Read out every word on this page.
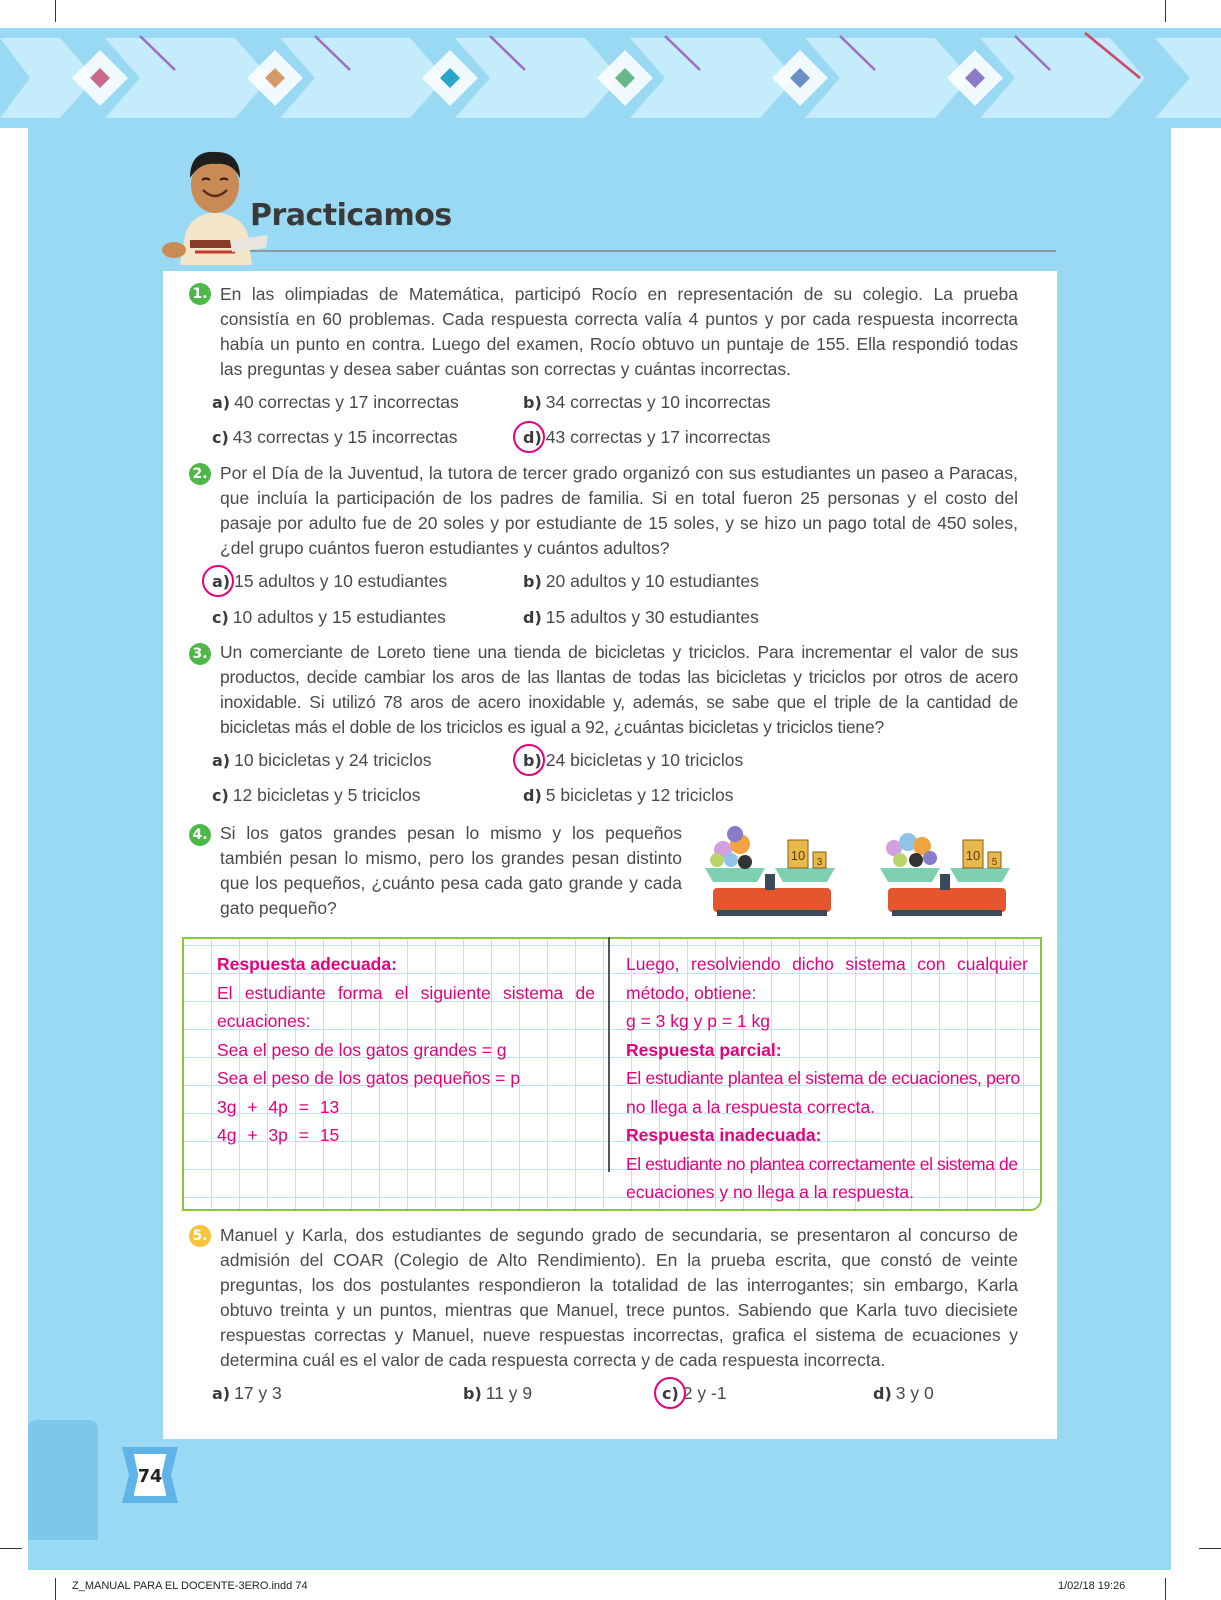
Practicamos
1. En las olimpiadas de Matemática, participó Rocío en representación de su colegio. La prueba consistía en 60 problemas. Cada respuesta correcta valía 4 puntos y por cada respuesta incorrecta había un punto en contra. Luego del examen, Rocío obtuvo un puntaje de 155. Ella respondió todas las preguntas y desea saber cuántas son correctas y cuántas incorrectas.
a) 40 correctas y 17 incorrectas	b) 34 correctas y 10 incorrectas
c) 43 correctas y 15 incorrectas	d) 43 correctas y 17 incorrectas
2. Por el Día de la Juventud, la tutora de tercer grado organizó con sus estudiantes un paseo a Paracas, que incluía la participación de los padres de familia. Si en total fueron 25 personas y el costo del pasaje por adulto fue de 20 soles y por estudiante de 15 soles, y se hizo un pago total de 450 soles, ¿del grupo cuántos fueron estudiantes y cuántos adultos?
a) 15 adultos y 10 estudiantes	b) 20 adultos y 10 estudiantes
c) 10 adultos y 15 estudiantes	d) 15 adultos y 30 estudiantes
3. Un comerciante de Loreto tiene una tienda de bicicletas y triciclos. Para incrementar el valor de sus productos, decide cambiar los aros de las llantas de todas las bicicletas y triciclos por otros de acero inoxidable. Si utilizó 78 aros de acero inoxidable y, además, se sabe que el triple de la cantidad de bicicletas más el doble de los triciclos es igual a 92, ¿cuántas bicicletas y triciclos tiene?
a) 10 bicicletas y 24 triciclos	b) 24 bicicletas y 10 triciclos
c) 12 bicicletas y 5 triciclos	d) 5 bicicletas y 12 triciclos
4. Si los gatos grandes pesan lo mismo y los pequeños también pesan lo mismo, pero los grandes pesan distinto que los pequeños, ¿cuánto pesa cada gato grande y cada gato pequeño?
10 3	10 5
Respuesta adecuada:
El estudiante forma el siguiente sistema de
ecuaciones:
Sea el peso de los gatos grandes = g
Sea el peso de los gatos pequeños = p
3g + 4p = 13
4g + 3p = 15
Luego, resolviendo dicho sistema con cualquier
método, obtiene:
g = 3 kg y p = 1 kg
Respuesta parcial:
El estudiante plantea el sistema de ecuaciones, pero
no llega a la respuesta correcta.
Respuesta inadecuada:
El estudiante no plantea correctamente el sistema de
ecuaciones y no llega a la respuesta.
5. Manuel y Karla, dos estudiantes de segundo grado de secundaria, se presentaron al concurso de admisión del COAR (Colegio de Alto Rendimiento). En la prueba escrita, que constó de veinte preguntas, los dos postulantes respondieron la totalidad de las interrogantes; sin embargo, Karla obtuvo treinta y un puntos, mientras que Manuel, trece puntos. Sabiendo que Karla tuvo diecisiete respuestas correctas y Manuel, nueve respuestas incorrectas, grafica el sistema de ecuaciones y determina cuál es el valor de cada respuesta correcta y de cada respuesta incorrecta.
a) 17 y 3	b) 11 y 9	c) 2 y -1	d) 3 y 0
74
Z_MANUAL PARA EL DOCENTE-3ERO.indd 74	1/02/18 19:26
